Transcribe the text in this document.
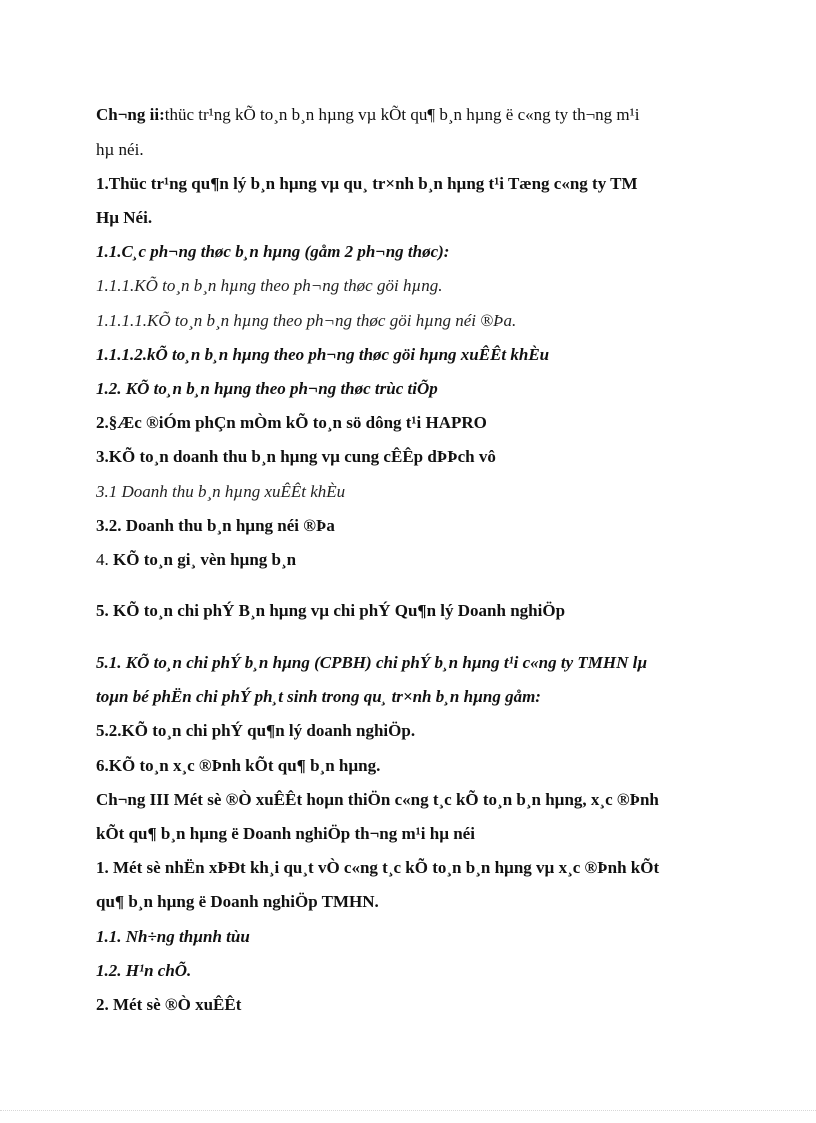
Ch¬ng ii:thüc tr¹ng kÕ to¸n b¸n hµng vµ kÕt qu¶ b¸n hµng ë c«ng ty th¬ng m¹i
hµ néi.
1.Thüc tr¹ng qu¶n lý b¸n hµng vµ qu¸ tr×nh b¸n hµng t¹i Tæng c«ng ty TM
Hµ Néi.
1.1.C¸c ph¬ng thøc b¸n hµng (gåm 2 ph¬ng thøc):
1.1.1.KÕ to¸n b¸n hµng theo ph¬ng thøc göi hµng.
1.1.1.1.KÕ to¸n b¸n hµng theo ph¬ng thøc göi hµng néi ®Þa.
1.1.1.2.kÕ to¸n b¸n hµng theo ph¬ng thøc göi hµng xuÊÊt khÈu
1.2. KÕ to¸n b¸n hµng theo ph¬ng thøc trùc tiÕp
2.§Æc ®iÓm phÇn mÒm kÕ to¸n sö dông t¹i HAPRO
3.KÕ to¸n doanh thu b¸n hµng vµ cung cÊÊp dÞÞch vô
3.1 Doanh thu b¸n hµng xuÊÊt khÈu
3.2. Doanh thu b¸n hµng néi ®Þa
4. KÕ to¸n gi¸ vèn hµng b¸n
5. KÕ to¸n chi phÝ B¸n hµng vµ chi phÝ Qu¶n lý Doanh nghiÖp
5.1. KÕ to¸n chi phÝ b¸n hµng (CPBH) chi phÝ b¸n hµng t¹i c«ng ty TMHN lµ
toµn bé phËn chi phÝ ph¸t sinh trong qu¸ tr×nh b¸n hµng gåm:
5.2.KÕ to¸n chi phÝ qu¶n lý doanh nghiÖp.
6.KÕ to¸n x¸c ®Þnh kÕt qu¶ b¸n hµng.
Ch¬ng III Mét sè ®Ò xuÊÊt hoµn thiÖn c«ng t¸c kÕ to¸n b¸n hµng, x¸c ®Þnh
kÕt qu¶ b¸n hµng ë Doanh nghiÖp th¬ng m¹i hµ néi
1. Mét sè nhËn xÞÐt kh¸i qu¸t vÒ c«ng t¸c kÕ to¸n b¸n hµng vµ x¸c ®Þnh kÕt
qu¶ b¸n hµng ë Doanh nghiÖp TMHN.
1.1. Nh÷ng thµnh tùu
1.2. H¹n chÕ.
2. Mét sè ®Ò xuÊÊt
